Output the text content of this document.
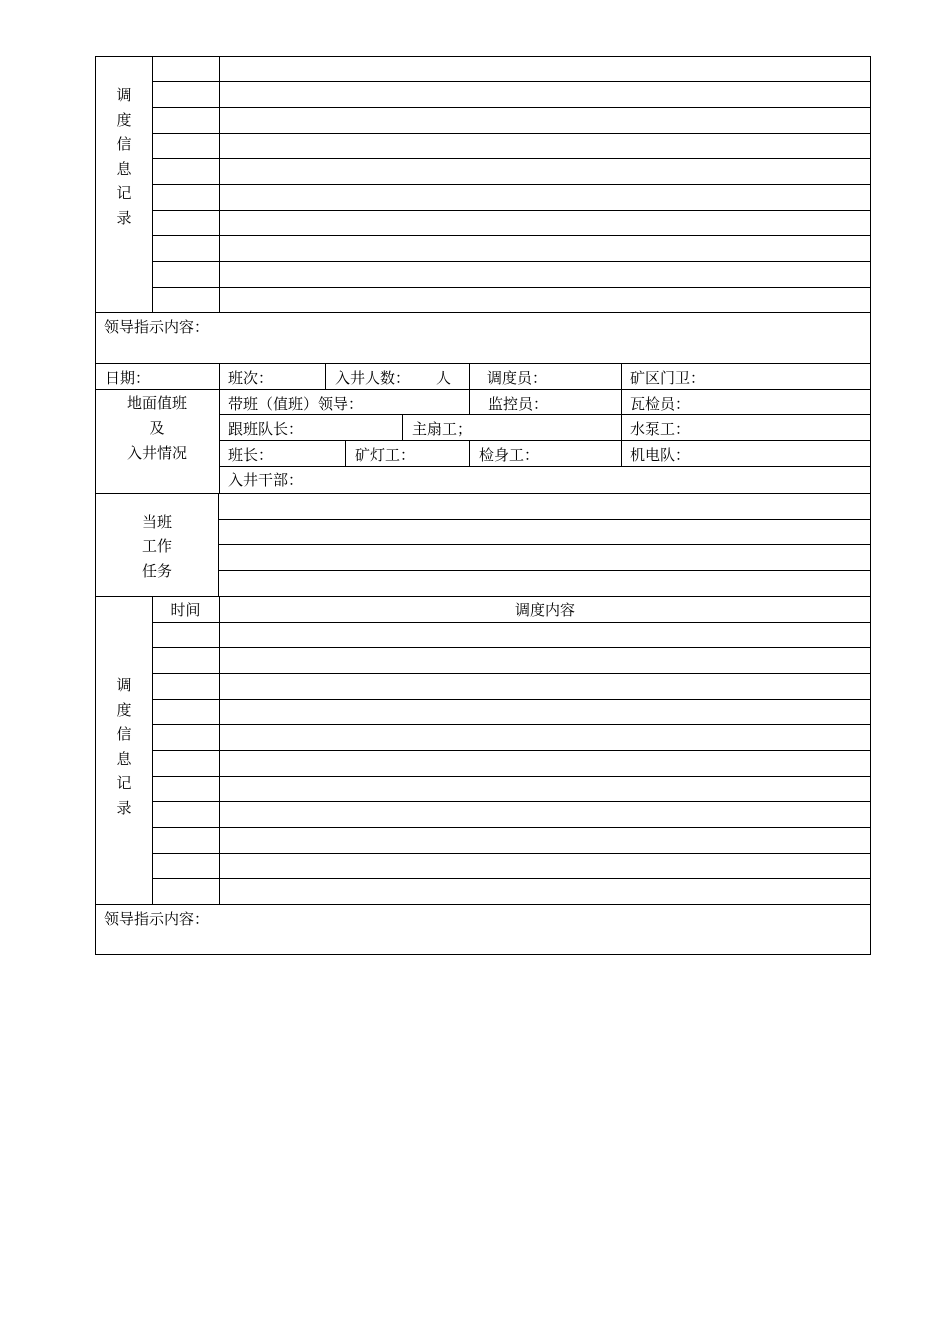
调
度
信
息
记
录
领导指示内容：
日期：	班次：	入井人数： 人 调度员：	矿区门卫：
地面值班
及
入井情况
带班（值班）领导：	监控员：	瓦检员：
跟班队长：	主扇工；	水泵工：
班长：	矿灯工：	检身工：	机电队：
入井干部：
当班
工作
任务
时间	调度内容
调
度
信
息
记
录
领导指示内容：
